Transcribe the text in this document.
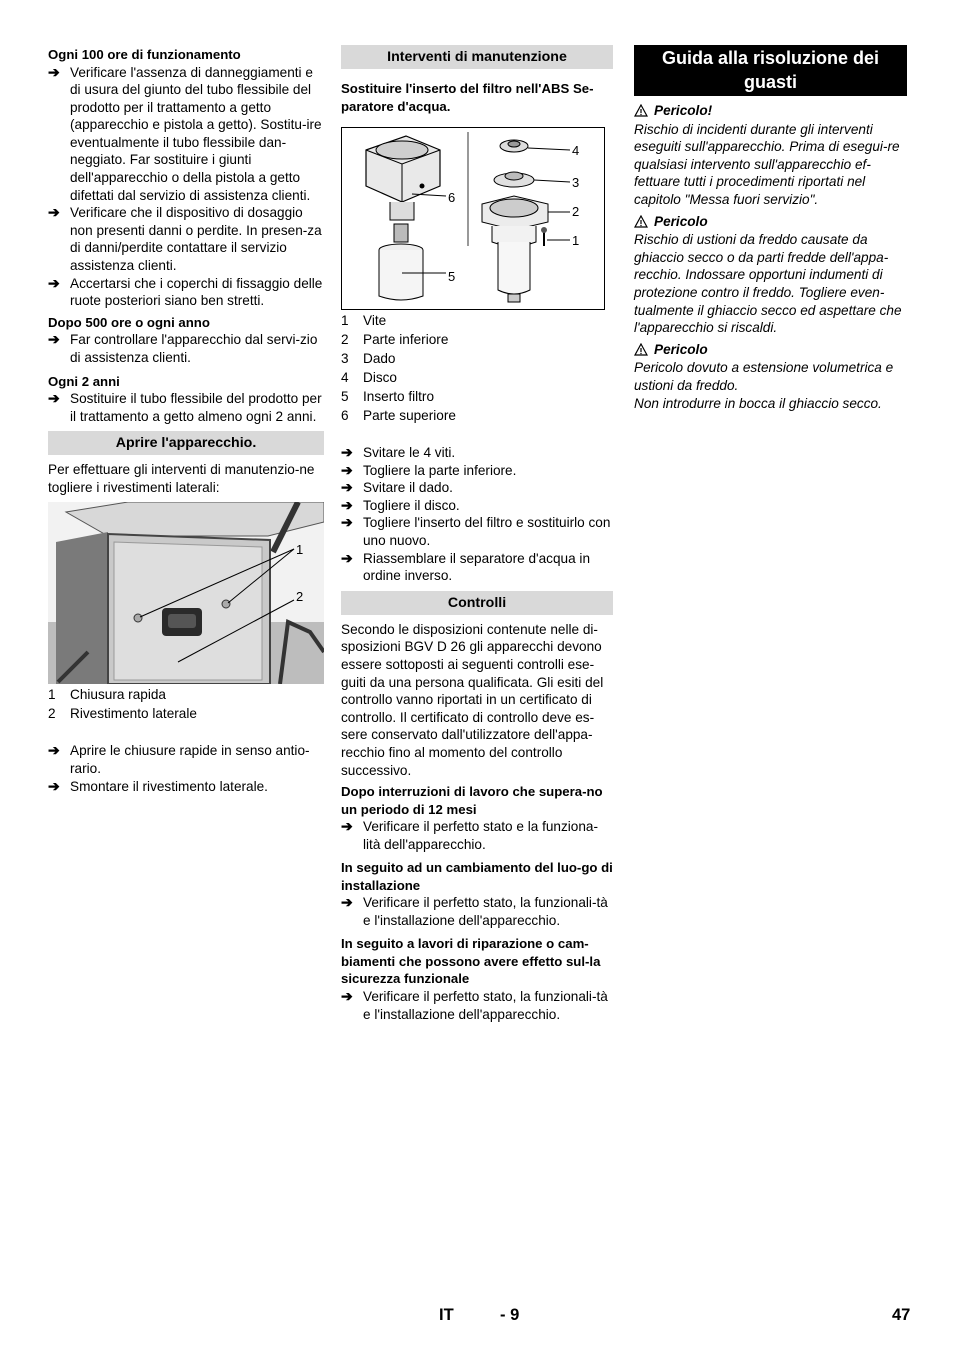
Ogni 100 ore di funzionamento

➔ Verificare l'assenza di danneggiamenti e di usura del giunto del tubo flessibile del prodotto per il trattamento a getto (apparecchio e pistola a getto). Sostitu-ire eventualmente il tubo flessibile dan-neggiato. Far sostituire i giunti dell'apparecchio o della pistola a getto difettati dal servizio di assistenza clienti.
➔ Verificare che il dispositivo di dosaggio non presenti danni o perdite. In presen-za di danni/perdite contattare il servizio assistenza clienti.
➔ Accertarsi che i coperchi di fissaggio delle ruote posteriori siano ben stretti.

Dopo 500 ore o ogni anno

➔ Far controllare l'apparecchio dal servi-zio di assistenza clienti.

Ogni 2 anni

➔ Sostituire il tubo flessibile del prodotto per il trattamento a getto almeno ogni 2 anni.
Aprire l'apparecchio.

Per effettuare gli interventi di manutenzio-ne togliere i rivestimenti laterali:

1
2
1 Chiusura rapida
2 Rivestimento laterale
➔ Aprire le chiusure rapide in senso antio-rario.
➔ Smontare il rivestimento laterale.
Interventi di manutenzione

Sostituire l'inserto del filtro nell'ABS Se-paratore d'acqua.

4
3
2
1
6
5
1 Vite
2 Parte inferiore
3 Dado
4 Disco
5 Inserto filtro
6 Parte superiore
➔ Svitare le 4 viti.
➔ Togliere la parte inferiore.
➔ Svitare il dado.
➔ Togliere il disco.
➔ Togliere l'inserto del filtro e sostituirlo con uno nuovo.
➔ Riassemblare il separatore d'acqua in ordine inverso.
Controlli

Secondo le disposizioni contenute nelle di-sposizioni BGV D 26 gli apparecchi devono essere sottoposti ai seguenti controlli ese-guiti da una persona qualificata. Gli esiti del controllo vanno riportati in un certificato di controllo. Il certificato di controllo deve es-sere conservato dall'utilizzatore dell'appa-recchio fino al momento del controllo successivo.

Dopo interruzioni di lavoro che supera-no un periodo di 12 mesi

➔ Verificare il perfetto stato e la funziona-lità dell'apparecchio.

In seguito ad un cambiamento del luo-go di installazione

➔ Verificare il perfetto stato, la funzionali-tà e l'installazione dell'apparecchio.

In seguito a lavori di riparazione o cam-biamenti che possono avere effetto sul-la sicurezza funzionale

➔ Verificare il perfetto stato, la funzionali-tà e l'installazione dell'apparecchio.
Guida alla risoluzione dei guasti
Pericolo!

Rischio di incidenti durante gli interventi eseguiti sull'apparecchio. Prima di esegui-re qualsiasi intervento sull'apparecchio ef-fettuare tutti i procedimenti riportati nel capitolo "Messa fuori servizio".

Pericolo

Rischio di ustioni da freddo causate da ghiaccio secco o da parti fredde dell'appa-recchio. Indossare opportuni indumenti di protezione contro il freddo. Togliere even-tualmente il ghiaccio secco ed aspettare che l'apparecchio si riscaldi.

Pericolo

Pericolo dovuto a estensione volumetrica e ustioni da freddo.

Non introdurre in bocca il ghiaccio secco.

IT	- 9	47
